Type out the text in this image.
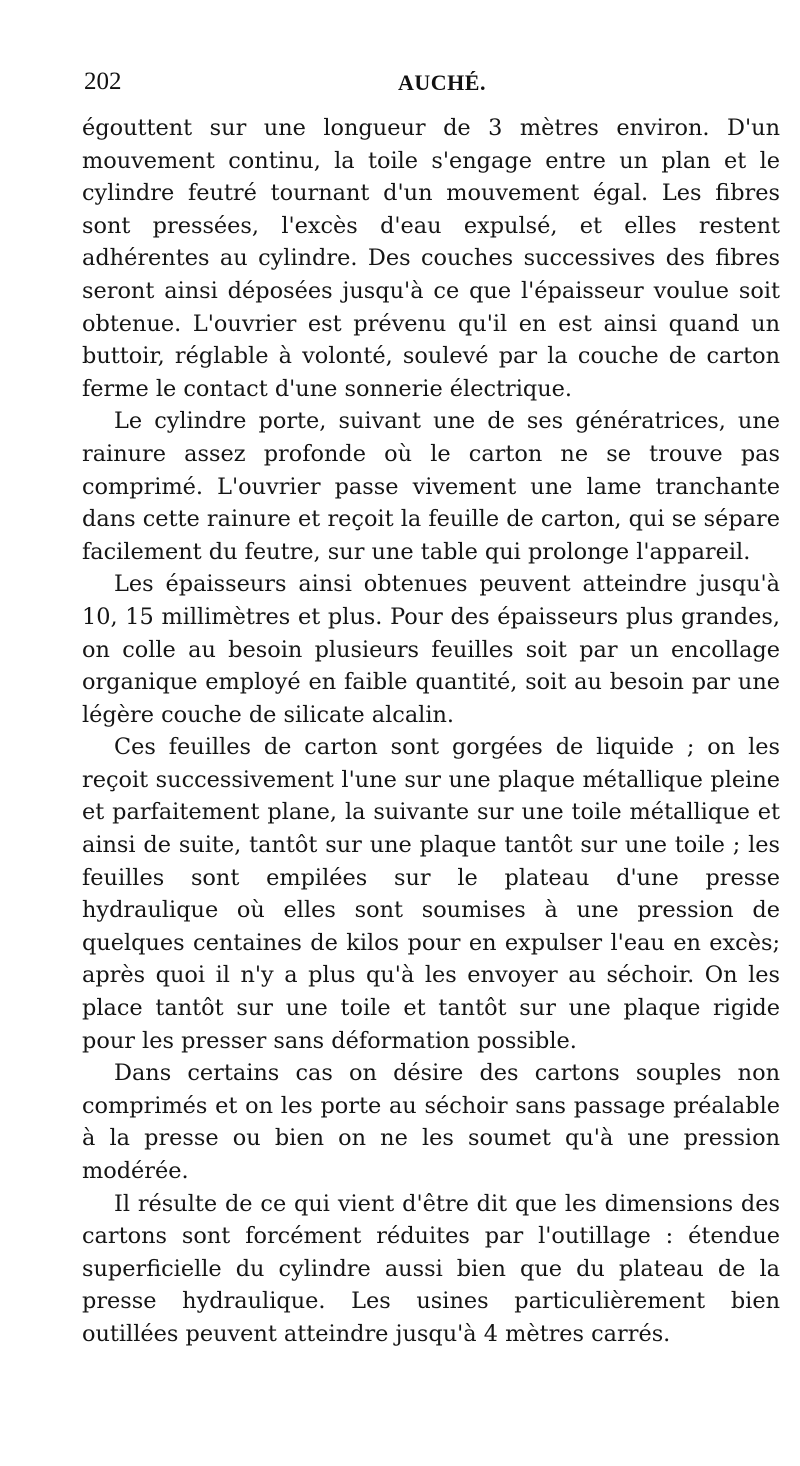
202	AUCHÉ.

égouttent sur une longueur de 3 mètres environ. D'un mouvement continu, la toile s'engage entre un plan et le cylindre feutré tournant d'un mouvement égal. Les fibres sont pressées, l'excès d'eau expulsé, et elles restent adhérentes au cylindre. Des couches successives des fibres seront ainsi déposées jusqu'à ce que l'épaisseur voulue soit obtenue. L'ouvrier est prévenu qu'il en est ainsi quand un buttoir, réglable à volonté, soulevé par la couche de carton ferme le contact d'une sonnerie électrique.

Le cylindre porte, suivant une de ses génératrices, une rainure assez profonde où le carton ne se trouve pas comprimé. L'ouvrier passe vivement une lame tranchante dans cette rainure et reçoit la feuille de carton, qui se sépare facilement du feutre, sur une table qui prolonge l'appareil.

Les épaisseurs ainsi obtenues peuvent atteindre jusqu'à 10, 15 millimètres et plus. Pour des épaisseurs plus grandes, on colle au besoin plusieurs feuilles soit par un encollage organique employé en faible quantité, soit au besoin par une légère couche de silicate alcalin.

Ces feuilles de carton sont gorgées de liquide ; on les reçoit successivement l'une sur une plaque métallique pleine et parfaitement plane, la suivante sur une toile métallique et ainsi de suite, tantôt sur une plaque tantôt sur une toile ; les feuilles sont empilées sur le plateau d'une presse hydraulique où elles sont soumises à une pression de quelques centaines de kilos pour en expulser l'eau en excès; après quoi il n'y a plus qu'à les envoyer au séchoir. On les place tantôt sur une toile et tantôt sur une plaque rigide pour les presser sans déformation possible.

Dans certains cas on désire des cartons souples non comprimés et on les porte au séchoir sans passage préalable à la presse ou bien on ne les soumet qu'à une pression modérée.

Il résulte de ce qui vient d'être dit que les dimensions des cartons sont forcément réduites par l'outillage : étendue superficielle du cylindre aussi bien que du plateau de la presse hydraulique. Les usines particulièrement bien outillées peuvent atteindre jusqu'à 4 mètres carrés.
